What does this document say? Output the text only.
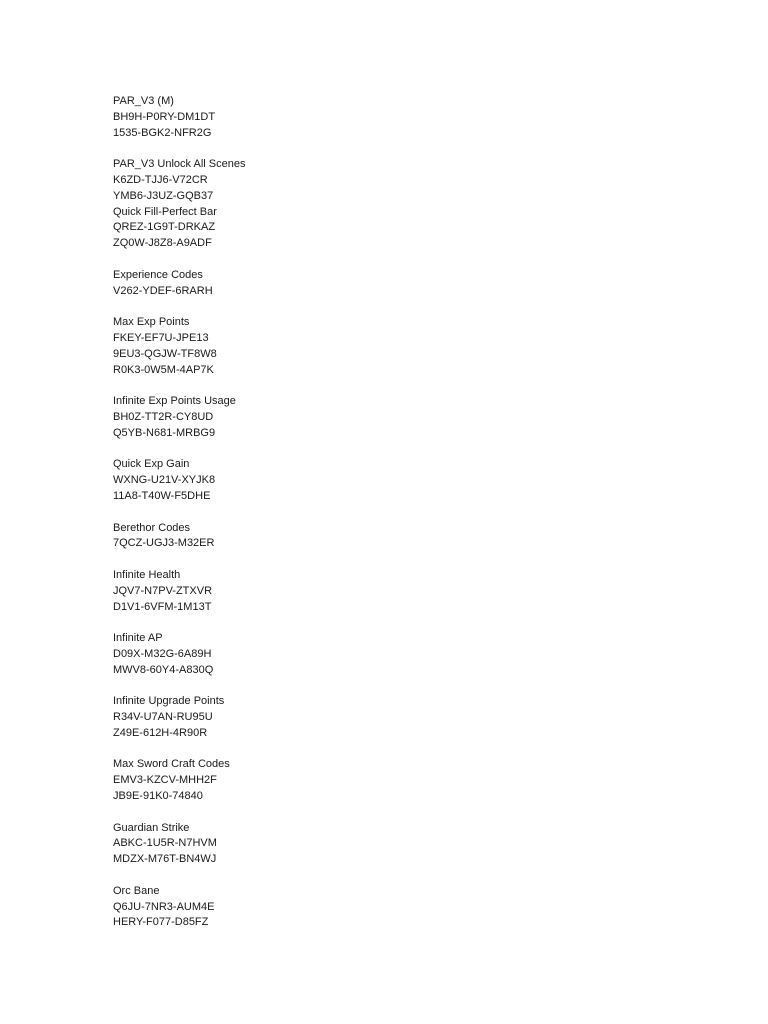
PAR_V3 (M)
BH9H-P0RY-DM1DT
1535-BGK2-NFR2G
PAR_V3 Unlock All Scenes
K6ZD-TJJ6-V72CR
YMB6-J3UZ-GQB37
Quick Fill-Perfect Bar
QREZ-1G9T-DRKAZ
ZQ0W-J8Z8-A9ADF
Experience Codes
V262-YDEF-6RARH
Max Exp Points
FKEY-EF7U-JPE13
9EU3-QGJW-TF8W8
R0K3-0W5M-4AP7K
Infinite Exp Points Usage
BH0Z-TT2R-CY8UD
Q5YB-N681-MRBG9
Quick Exp Gain
WXNG-U21V-XYJK8
11A8-T40W-F5DHE
Berethor Codes
7QCZ-UGJ3-M32ER
Infinite Health
JQV7-N7PV-ZTXVR
D1V1-6VFM-1M13T
Infinite AP
D09X-M32G-6A89H
MWV8-60Y4-A830Q
Infinite Upgrade Points
R34V-U7AN-RU95U
Z49E-612H-4R90R
Max Sword Craft Codes
EMV3-KZCV-MHH2F
JB9E-91K0-74840
Guardian Strike
ABKC-1U5R-N7HVM
MDZX-M76T-BN4WJ
Orc Bane
Q6JU-7NR3-AUM4E
HERY-F077-D85FZ
